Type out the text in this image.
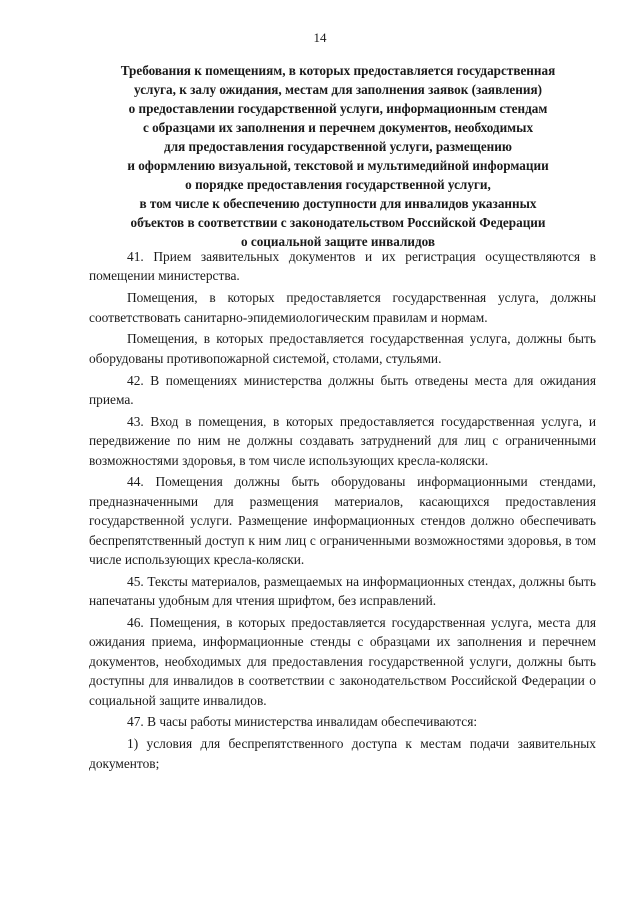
14
Требования к помещениям, в которых предоставляется государственная
услуга, к залу ожидания, местам для заполнения заявок (заявления)
о предоставлении государственной услуги, информационным стендам
с образцами их заполнения и перечнем документов, необходимых
для предоставления государственной услуги, размещению
и оформлению визуальной, текстовой и мультимедийной информации
о порядке предоставления государственной услуги,
в том числе к обеспечению доступности для инвалидов указанных
объектов в соответствии с законодательством Российской Федерации
о социальной защите инвалидов

41. Прием заявительных документов и их регистрация осуществляются в помещении министерства.

Помещения, в которых предоставляется государственная услуга, должны соответствовать санитарно-эпидемиологическим правилам и нормам.

Помещения, в которых предоставляется государственная услуга, должны быть оборудованы противопожарной системой, столами, стульями.

42. В помещениях министерства должны быть отведены места для ожидания приема.

43. Вход в помещения, в которых предоставляется государственная услуга, и передвижение по ним не должны создавать затруднений для лиц с ограниченными возможностями здоровья, в том числе использующих кресла-коляски.

44. Помещения должны быть оборудованы информационными стендами, предназначенными для размещения материалов, касающихся предоставления государственной услуги. Размещение информационных стендов должно обеспечивать беспрепятственный доступ к ним лиц с ограниченными возможностями здоровья, в том числе использующих кресла-коляски.

45. Тексты материалов, размещаемых на информационных стендах, должны быть напечатаны удобным для чтения шрифтом, без исправлений.

46. Помещения, в которых предоставляется государственная услуга, места для ожидания приема, информационные стенды с образцами их заполнения и перечнем документов, необходимых для предоставления государственной услуги, должны быть доступны для инвалидов в соответствии с законодательством Российской Федерации о социальной защите инвалидов.

47. В часы работы министерства инвалидам обеспечиваются:

1) условия для беспрепятственного доступа к местам подачи заявительных документов;
